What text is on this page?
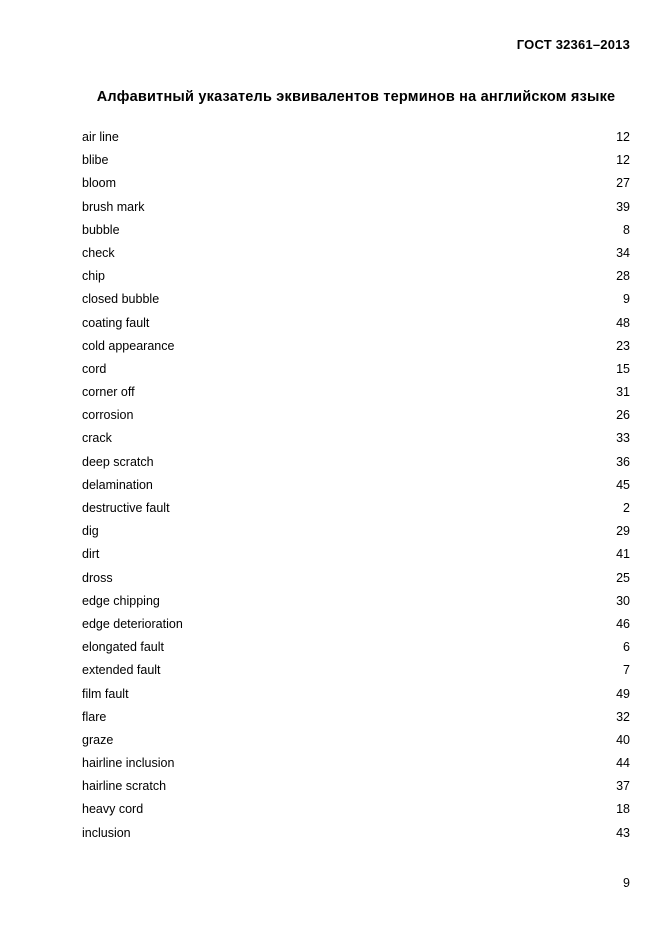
ГОСТ 32361–2013
Алфавитный указатель эквивалентов терминов на английском языке
air line	12
blibe	12
bloom	27
brush mark	39
bubble	8
check	34
chip	28
closed bubble	9
coating fault	48
cold appearance	23
cord	15
corner off	31
corrosion	26
crack	33
deep scratch	36
delamination	45
destructive fault	2
dig	29
dirt	41
dross	25
edge chipping	30
edge deterioration	46
elongated fault	6
extended fault	7
film fault	49
flare	32
graze	40
hairline inclusion	44
hairline scratch	37
heavy cord	18
inclusion	43
9
